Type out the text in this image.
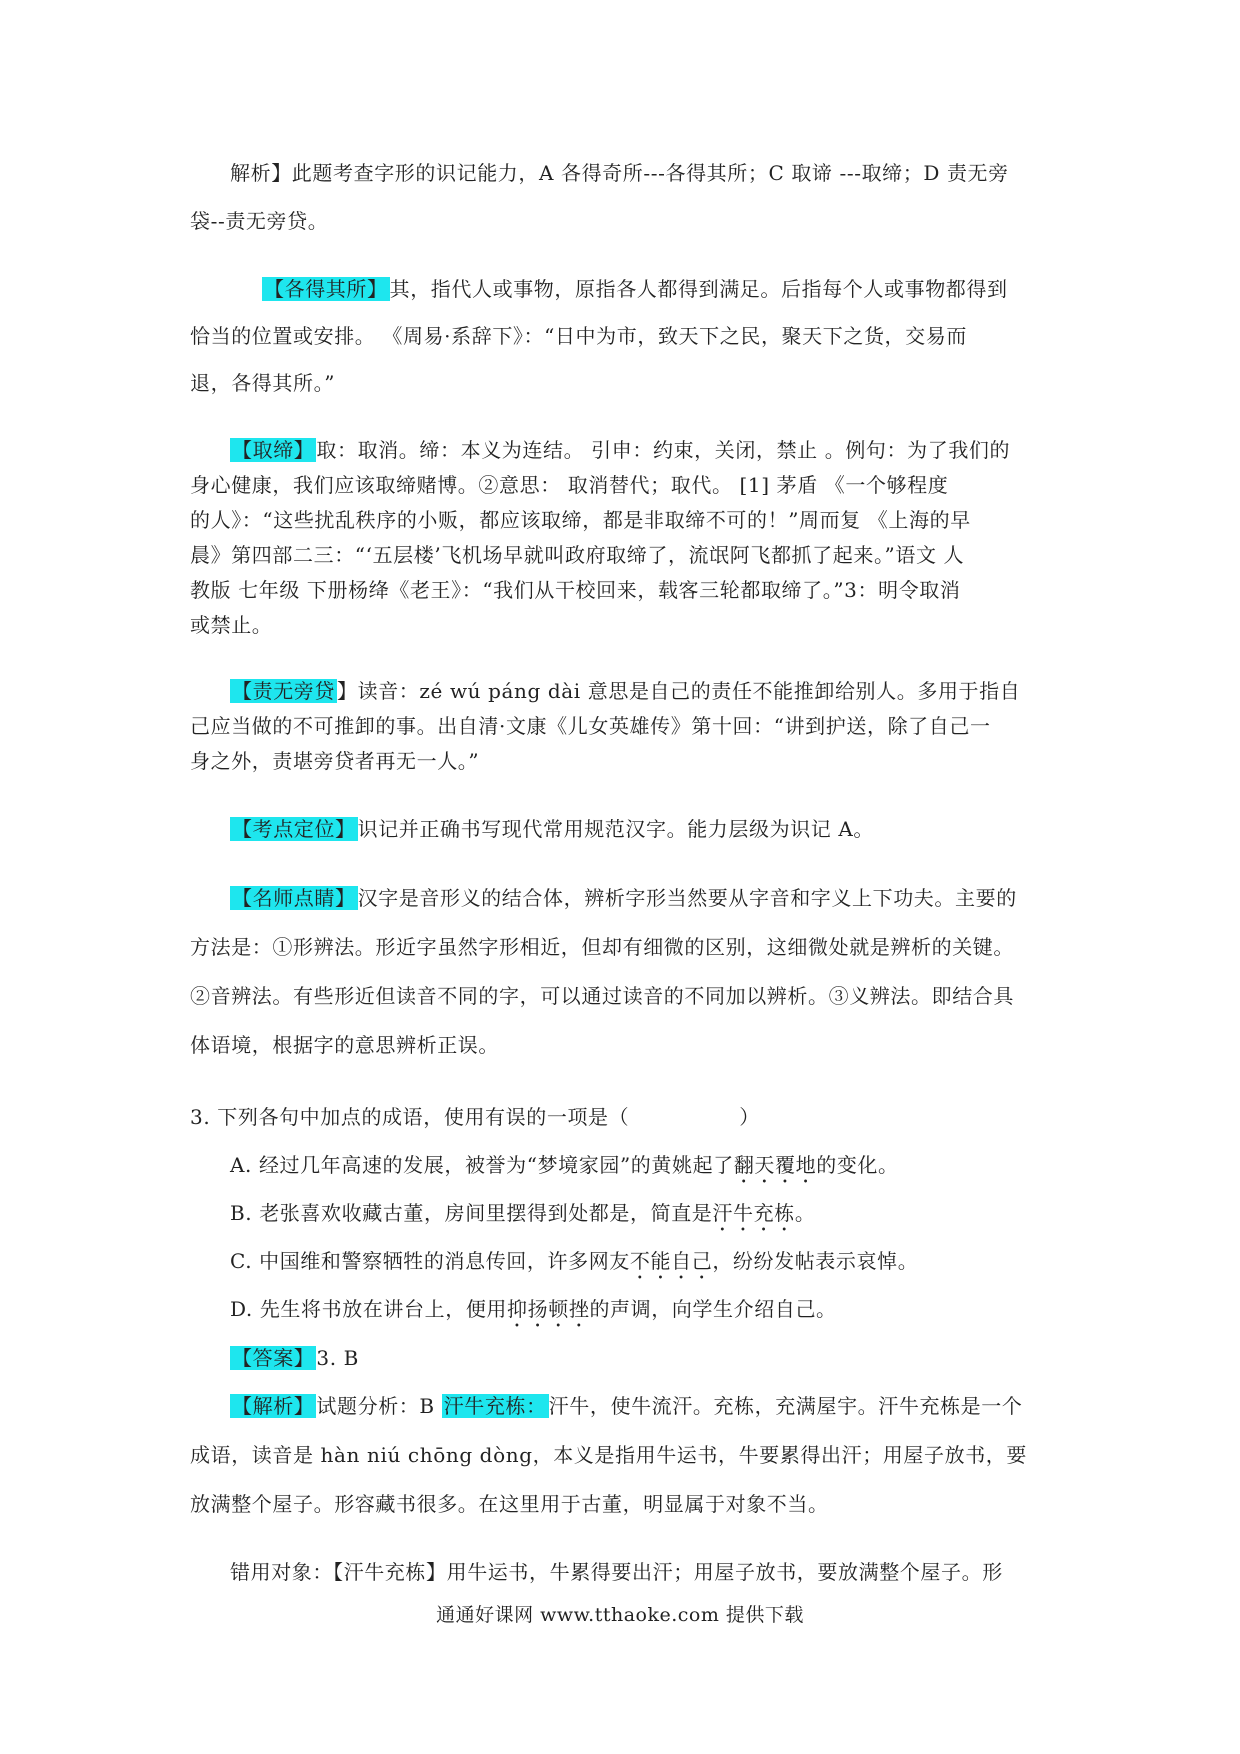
解析】此题考查字形的识记能力，A 各得奇所---各得其所；C 取谛 ---取缔；D 责无旁
袋--责无旁贷。
【各得其所】 其，指代人或事物，原指各人都得到满足。后指每个人或事物都得到
恰当的位置或安排。 《周易·系辞下》：“日中为市，致天下之民，聚天下之货，交易而
退，各得其所。”
【取缔】 取：取消。缔：本义为连结。 引申：约束，关闭，禁止 。例句：为了我们的
身心健康，我们应该取缔赌博。②意思： 取消替代；取代。 [1] 茅盾 《一个够程度
的人》：“这些扰乱秩序的小贩，都应该取缔，都是非取缔不可的！”周而复 《上海的早
晨》第四部二三：“‘五层楼’飞机场早就叫政府取缔了，流氓阿飞都抓了起来。”语文 人
教版 七年级 下册杨绛《老王》：“我们从干校回来，载客三轮都取缔了。”3：明令取消
或禁止。
【责无旁贷 】读音：zé wú páng dài 意思是自己的责任不能推卸给别人。多用于指自
己应当做的不可推卸的事。出自清·文康《儿女英雄传》第十回：“讲到护送，除了自己一
身之外，责堪旁贷者再无一人。”
【考点定位】 识记并正确书写现代常用规范汉字。能力层级为识记 A。
【名师点睛】 汉字是音形义的结合体，辨析字形当然要从字音和字义上下功夫。主要的
方法是：①形辨法。形近字虽然字形相近，但却有细微的区别，这细微处就是辨析的关键。
②音辨法。有些形近但读音不同的字，可以通过读音的不同加以辨析。③义辨法。即结合具
体语境，根据字的意思辨析正误。
3. 下列各句中加点的成语，使用有误的一项是（	）
A. 经过几年高速的发展，被誉为“梦境家园”的黄姚起了翻天覆地的变化。
B. 老张喜欢收藏古董，房间里摆得到处都是，简直是汗牛充栋。
C. 中国维和警察牺牲的消息传回，许多网友不能自己，纷纷发帖表示哀悼。
D. 先生将书放在讲台上，便用抑扬顿挫的声调，向学生介绍自己。
【答案】 3. B
【解析】 试题分析：B 汗牛充栋： 汗牛，使牛流汗。充栋，充满屋宇。汗牛充栋是一个
成语，读音是 hàn niú chōng dòng，本义是指用牛运书，牛要累得出汗；用屋子放书，要
放满整个屋子。形容藏书很多。在这里用于古董，明显属于对象不当。
错用对象：【汗牛充栋】用牛运书，牛累得要出汗；用屋子放书，要放满整个屋子。形
通通好课网 www.tthaoke.com 提供下载
